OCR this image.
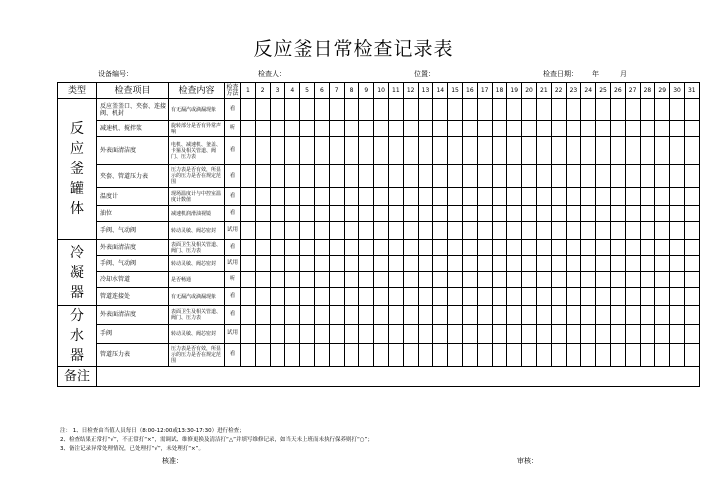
反应釜日常检查记录表
设备编号：	检查人：	位置：	检查日期： 年	月
类型	检查项目	检查内容	检查方法	1	2	3	4	5	6	7	8	9	10	11	12	13	14	15	16	17	18	19	20	21	22	23	24	25	26	27	28	29	30	31
反应釜罐体	反应釜釜口、夹套、连接阀、机封	有无漏汽或滴漏现象	看																															
	减速机、搅拌浆	旋转部分是否有异常声响	听																															
	外表面清洁度	电机、减速机、釜盖、卡箍及相关管道、阀门、压力表	看																															
	夹套、管道压力表	压力表是否有效，所显示的压力是否在规定范围	看																															
	温度计	现场温度计与中控室温度计数值	看																															
	油位	减速机润滑油视镜	看																															
	手阀、气动阀	转动灵敏、阀芯密封	试用																															
冷凝器	外表面清洁度	表面卫生及相关管道、阀门、压力表	看																															
	手阀、气动阀	转动灵敏、阀芯密封	试用																															
	冷却水管道	是否畅通	听																															
	管道连接处	有无漏汽或滴漏现象	看																															
分水器	外表面清洁度	表面卫生及相关管道、阀门、压力表	看																															
	手阀	转动灵敏、阀芯密封	试用																															
	管道压力表	压力表是否有效，所显示的压力是否在规定范围	看																															
备注																																		
注： 1、日检查由当值人员每日（8:00-12:00或13:30-17:30）进行检查；
2、检查结果正常打“√”，不正常打“×”，需调试、维修更换及清洁打“△”并填写维修记录，如当天未上班而未执行保养则打“○”；
3、备注记录异常处理情况，已处理打“√”，未处理打“×”。
核准：	审核：
